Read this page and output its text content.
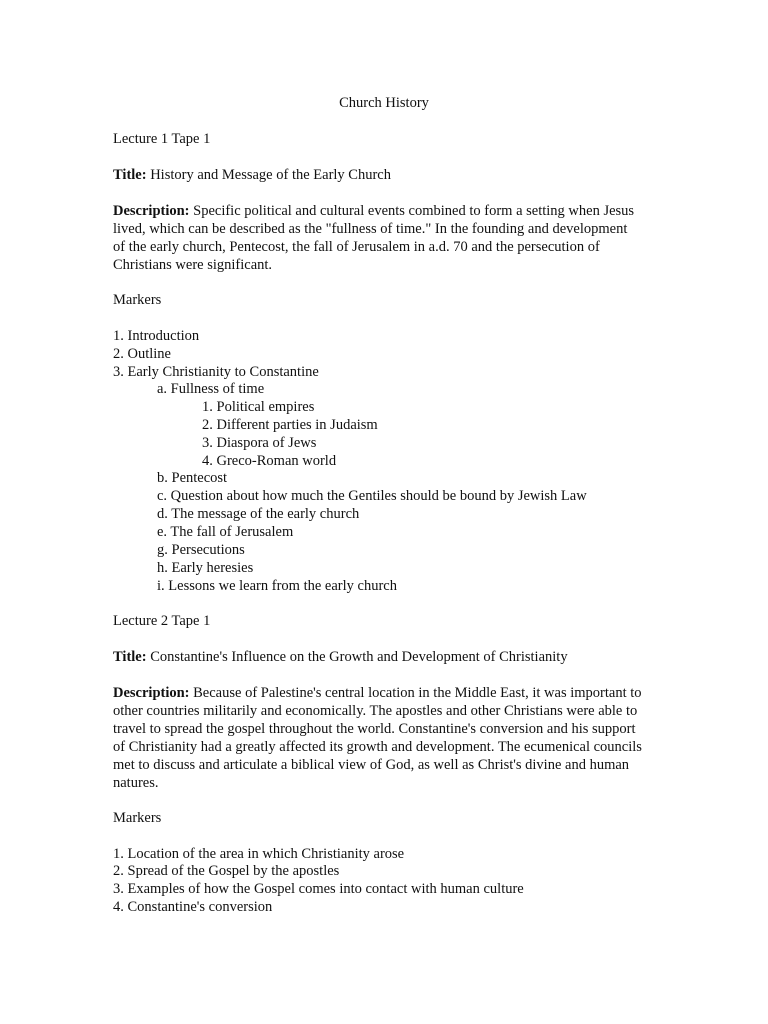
Church History
Lecture 1 Tape 1
Title: History and Message of the Early Church
Description: Specific political and cultural events combined to form a setting when Jesus lived, which can be described as the "fullness of time." In the founding and development of the early church, Pentecost, the fall of Jerusalem in a.d. 70 and the persecution of Christians were significant.
Markers
1. Introduction
2. Outline
3. Early Christianity to Constantine
a. Fullness of time
1. Political empires
2. Different parties in Judaism
3. Diaspora of Jews
4. Greco-Roman world
b. Pentecost
c. Question about how much the Gentiles should be bound by Jewish Law
d. The message of the early church
e. The fall of Jerusalem
g. Persecutions
h. Early heresies
i. Lessons we learn from the early church
Lecture 2 Tape 1
Title: Constantine's Influence on the Growth and Development of Christianity
Description: Because of Palestine's central location in the Middle East, it was important to other countries militarily and economically. The apostles and other Christians were able to travel to spread the gospel throughout the world. Constantine's conversion and his support of Christianity had a greatly affected its growth and development. The ecumenical councils met to discuss and articulate a biblical view of God, as well as Christ's divine and human natures.
Markers
1. Location of the area in which Christianity arose
2. Spread of the Gospel by the apostles
3. Examples of how the Gospel comes into contact with human culture
4. Constantine's conversion
